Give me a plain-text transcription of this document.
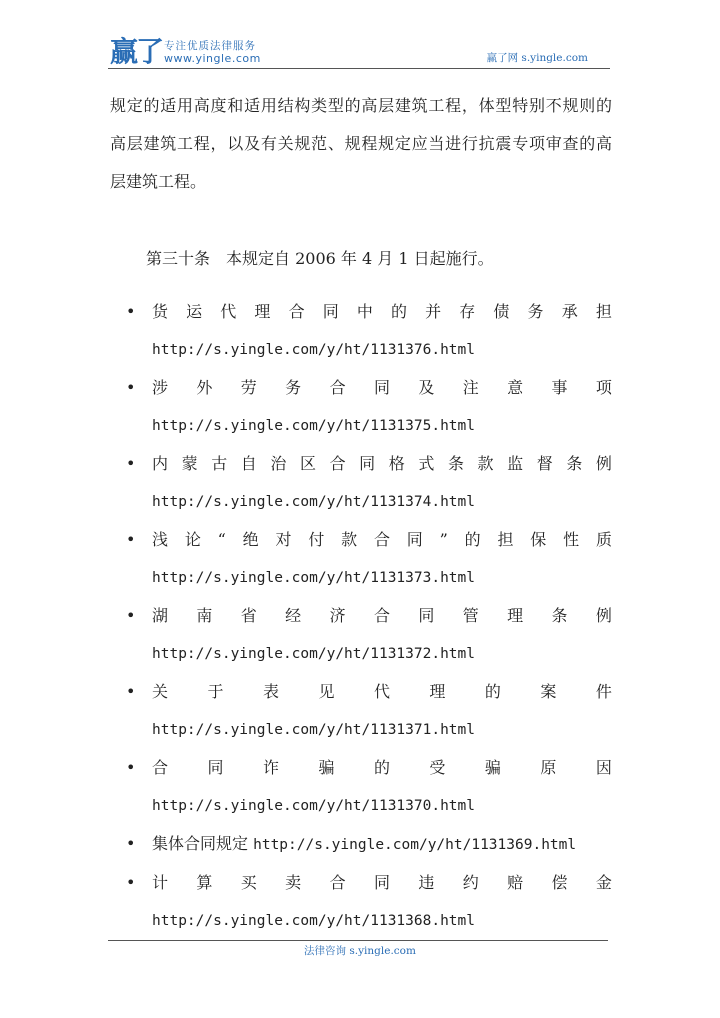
赢了 专注优质法律服务
www.yingle.com	赢了网 s.yingle.com
规定的适用高度和适用结构类型的高层建筑工程，体型特别不规则的
高层建筑工程，以及有关规范、规程规定应当进行抗震专项审查的高
层建筑工程。
第三十条　本规定自 2006 年 4 月 1 日起施行。
• 货 运 代 理 合 同 中 的 并 存 债 务 承 担
http://s.yingle.com/y/ht/1131376.html
• 涉 外 劳 务 合 同 及 注 意 事 项
http://s.yingle.com/y/ht/1131375.html
• 内 蒙 古 自 治 区 合 同 格 式 条 款 监 督 条 例
http://s.yingle.com/y/ht/1131374.html
• 浅 论 “ 绝 对 付 款 合 同 ” 的 担 保 性 质
http://s.yingle.com/y/ht/1131373.html
• 湖 南 省 经 济 合 同 管 理 条 例
http://s.yingle.com/y/ht/1131372.html
• 关 于 表 见 代 理 的 案 件
http://s.yingle.com/y/ht/1131371.html
• 合 同 诈 骗 的 受 骗 原 因
http://s.yingle.com/y/ht/1131370.html
• 集体合同规定 http://s.yingle.com/y/ht/1131369.html
• 计 算 买 卖 合 同 违 约 赔 偿 金
http://s.yingle.com/y/ht/1131368.html
法律咨询 s.yingle.com
